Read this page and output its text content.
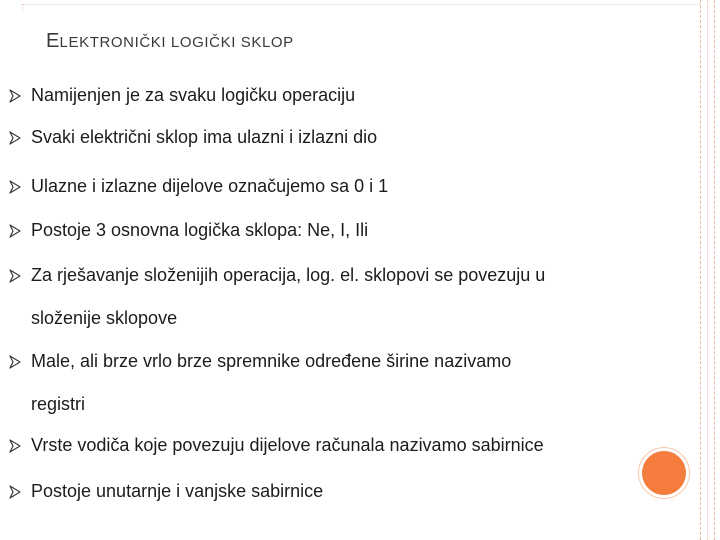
ELEKTRONIČKI LOGIČKI SKLOP
Namijenjen je za svaku logičku operaciju
Svaki električni sklop ima ulazni i izlazni dio
Ulazne i izlazne dijelove označujemo sa 0 i 1
Postoje 3 osnovna logička sklopa: Ne, I, Ili
Za rješavanje složenijih operacija, log. el. sklopovi se povezuju u
složenije sklopove
Male, ali brze vrlo brze spremnike određene širine nazivamo
registri
Vrste vodiča koje povezuju dijelove računala nazivamo sabirnice
Postoje unutarnje i vanjske sabirnice
